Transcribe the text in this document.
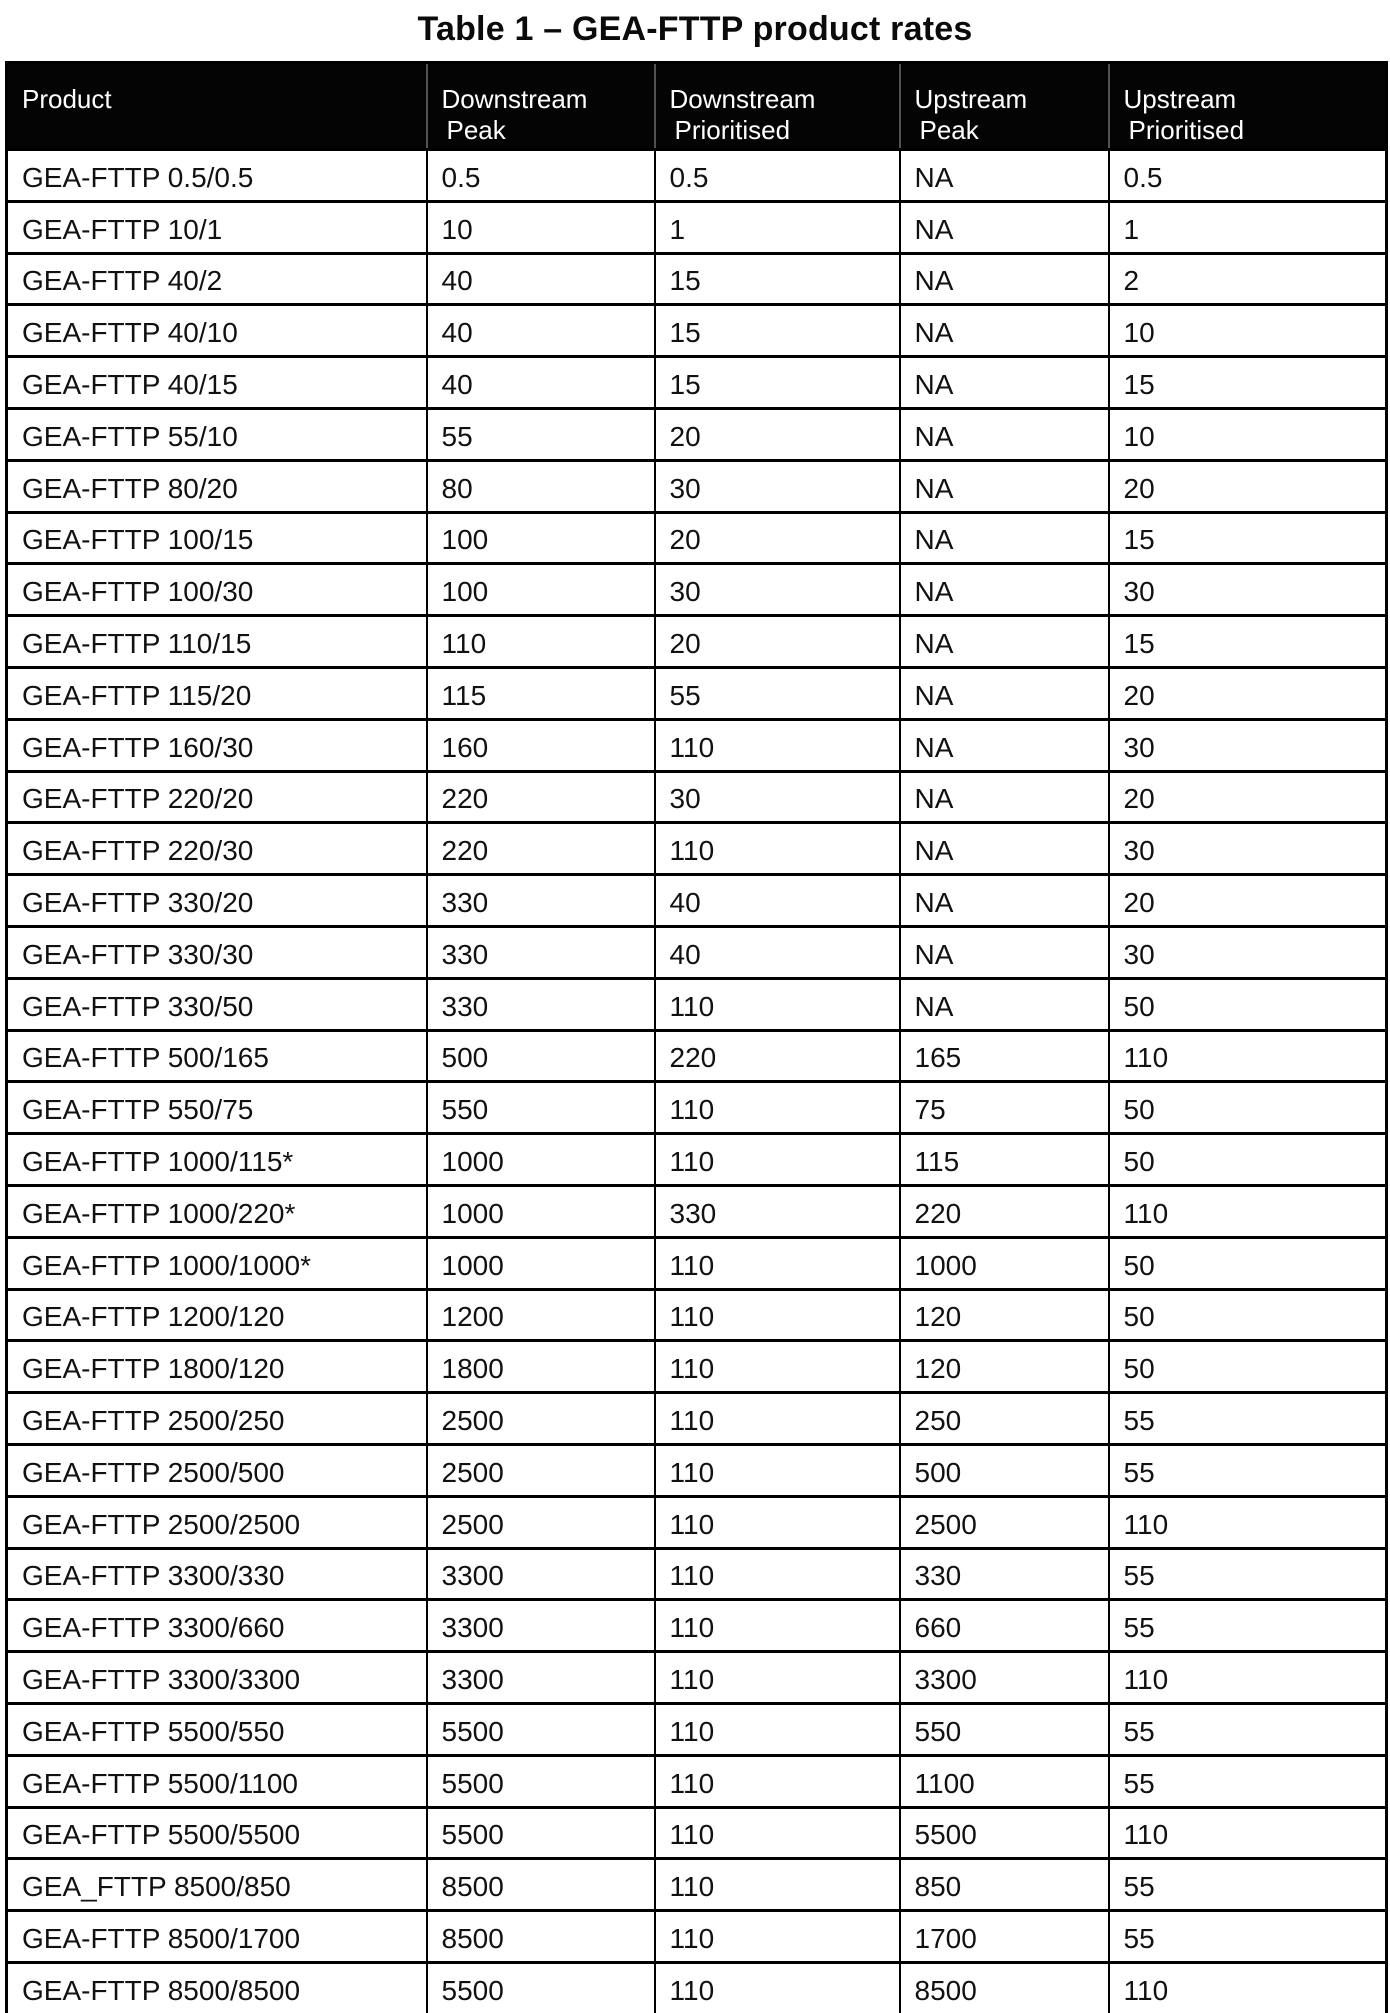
Table 1 – GEA-FTTP product rates
Product	Downstream
Peak	Downstream
Prioritised	Upstream
Peak	Upstream
Prioritised

GEA-FTTP 0.5/0.5	0.5	0.5	NA	0.5
GEA-FTTP 10/1	10	1	NA	1
GEA-FTTP 40/2	40	15	NA	2
GEA-FTTP 40/10	40	15	NA	10
GEA-FTTP 40/15	40	15	NA	15
GEA-FTTP 55/10	55	20	NA	10
GEA-FTTP 80/20	80	30	NA	20
GEA-FTTP 100/15	100	20	NA	15
GEA-FTTP 100/30	100	30	NA	30
GEA-FTTP 110/15	110	20	NA	15
GEA-FTTP 115/20	115	55	NA	20
GEA-FTTP 160/30	160	110	NA	30
GEA-FTTP 220/20	220	30	NA	20
GEA-FTTP 220/30	220	110	NA	30
GEA-FTTP 330/20	330	40	NA	20
GEA-FTTP 330/30	330	40	NA	30
GEA-FTTP 330/50	330	110	NA	50
GEA-FTTP 500/165	500	220	165	110
GEA-FTTP 550/75	550	110	75	50
GEA-FTTP 1000/115*	1000	110	115	50
GEA-FTTP 1000/220*	1000	330	220	110
GEA-FTTP 1000/1000*	1000	110	1000	50
GEA-FTTP 1200/120	1200	110	120	50
GEA-FTTP 1800/120	1800	110	120	50
GEA-FTTP 2500/250	2500	110	250	55
GEA-FTTP 2500/500	2500	110	500	55
GEA-FTTP 2500/2500	2500	110	2500	110
GEA-FTTP 3300/330	3300	110	330	55
GEA-FTTP 3300/660	3300	110	660	55
GEA-FTTP 3300/3300	3300	110	3300	110
GEA-FTTP 5500/550	5500	110	550	55
GEA-FTTP 5500/1100	5500	110	1100	55
GEA-FTTP 5500/5500	5500	110	5500	110
GEA_FTTP 8500/850	8500	110	850	55
GEA-FTTP 8500/1700	8500	110	1700	55
GEA-FTTP 8500/8500	5500	110	8500	110
